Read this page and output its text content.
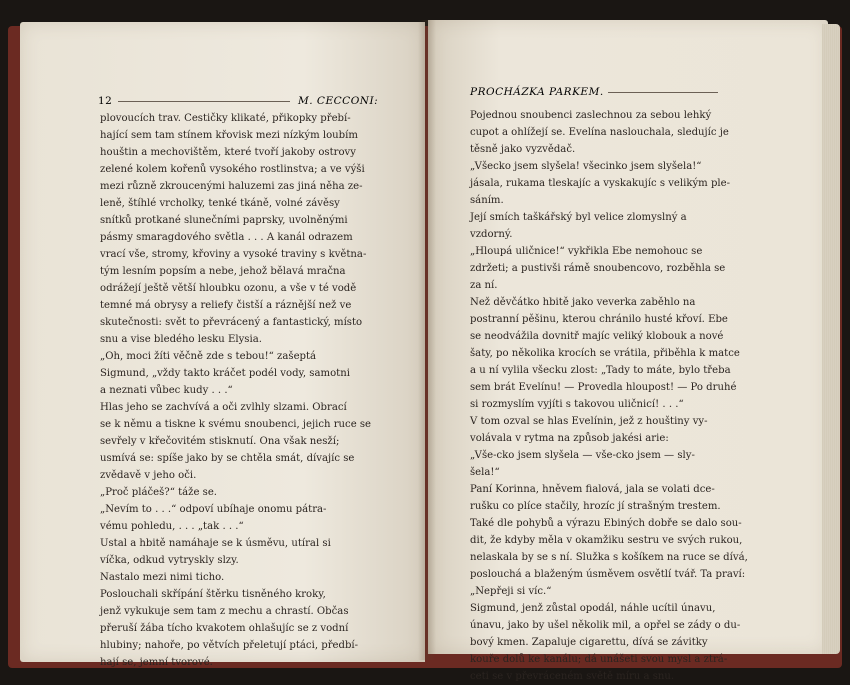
12	M. CECCONI:
PROCHÁZKA PARKEM.
plovoucích trav. Cestičky klikaté, přikopky přebí-
hající sem tam stínem křovisk mezi nízkým loubím
houštin a mechovištěm, které tvoří jakoby ostrovy
zelené kolem kořenů vysokého rostlinstva; a ve výši
mezi různě zkroucenými haluzemi zas jiná něha ze-
leně, štíhlé vrcholky, tenké tkáně, volné závěsy
snítků protkané slunečními paprsky, uvolněnými
pásmy smaragdového světla . . . A kanál odrazem
vrací vše, stromy, křoviny a vysoké traviny s května-
tým lesním popsím a nebe, jehož bělavá mračna
odrážejí ještě větší hloubku ozonu, a vše v té vodě
temné má obrysy a reliefy čistší a ráznější než ve
skutečnosti: svět to převrácený a fantastický, místo
snu a vise bledého lesku Elysia.
„Oh, moci žíti věčně zde s tebou!“ zašeptá
Sigmund, „vždy takto kráčet podél vody, samotni
a neznati vůbec kudy . . .“
Hlas jeho se zachvívá a oči zvlhly slzami. Obrací
se k němu a tiskne k svému snoubenci, jejich ruce se
sevřely v křečovitém stisknutí. Ona však nesží;
usmívá se: spíše jako by se chtěla smát, dívajíc se
zvědavě v jeho oči.
„Proč pláčeš?“ táže se.
„Nevím to . . .“ odpoví ubíhaje onomu pátra-
vému pohledu, . . . „tak . . .“
Ustal a hbitě namáhaje se k úsměvu, utíral si
víčka, odkud vytryskly slzy.
Nastalo mezi nimi ticho.
Poslouchali skřípání štěrku tisněného kroky,
jenž vykukuje sem tam z mechu a chrastí. Občas
přeruší žába tícho kvakotem ohlašujíc se z vodní
hlubiny; nahoře, po větvích přeletují ptáci, předbí-
hají se, jemní tvorové.
Pojednou snoubenci zaslechnou za sebou lehký
cupot a ohlížejí se. Evelína naslouchala, sledujíc je
těsně jako vyzvědač.
„Všecko jsem slyšela! všecinko jsem slyšela!“
jásala, rukama tleskajíc a vyskakujíc s velikým ple-
sáním.
Její smích taškářský byl velice zlomyslný a
vzdorný.
„Hloupá uličnice!“ vykřikla Ebe nemohouc se
zdržeti; a pustivši rámě snoubencovo, rozběhla se
za ní.
Než děvčátko hbitě jako veverka zaběhlo na
postranní pěšinu, kterou chránilo husté křoví. Ebe
se neodvážila dovnitř majíc veliký klobouk a nové
šaty, po několika krocích se vrátila, přiběhla k matce
a u ní vylila všecku zlost: „Tady to máte, bylo třeba
sem brát Evelínu! — Provedla hloupost! — Po druhé
si rozmyslím vyjíti s takovou uličnicí! . . .“
V tom ozval se hlas Evelínin, jež z houštiny vy-
volávala v rytma na způsob jakési arie:
„Vše-cko jsem slyšela — vše-cko jsem — sly-
šela!“
Paní Korinna, hněvem fialová, jala se volati dce-
rušku co plíce stačily, hrozíc jí strašným trestem.
Také dle pohybů a výrazu Ebiných dobře se dalo sou-
dit, že kdyby měla v okamžiku sestru ve svých rukou,
nelaskala by se s ní. Služka s košíkem na ruce se dívá,
poslouchá a blaženým úsměvem osvětlí tvář. Ta praví:
„Nepřeji si víc.“
Sigmund, jenž zůstal opodál, náhle ucítil únavu,
únavu, jako by ušel několik mil, a opřel se zády o du-
bový kmen. Zapaluje cigarettu, dívá se závitky
kouře dolů ke kanálu; dá unášeti svou mysl a ztrá-
ceti se v převráceném světě míru a snu.
